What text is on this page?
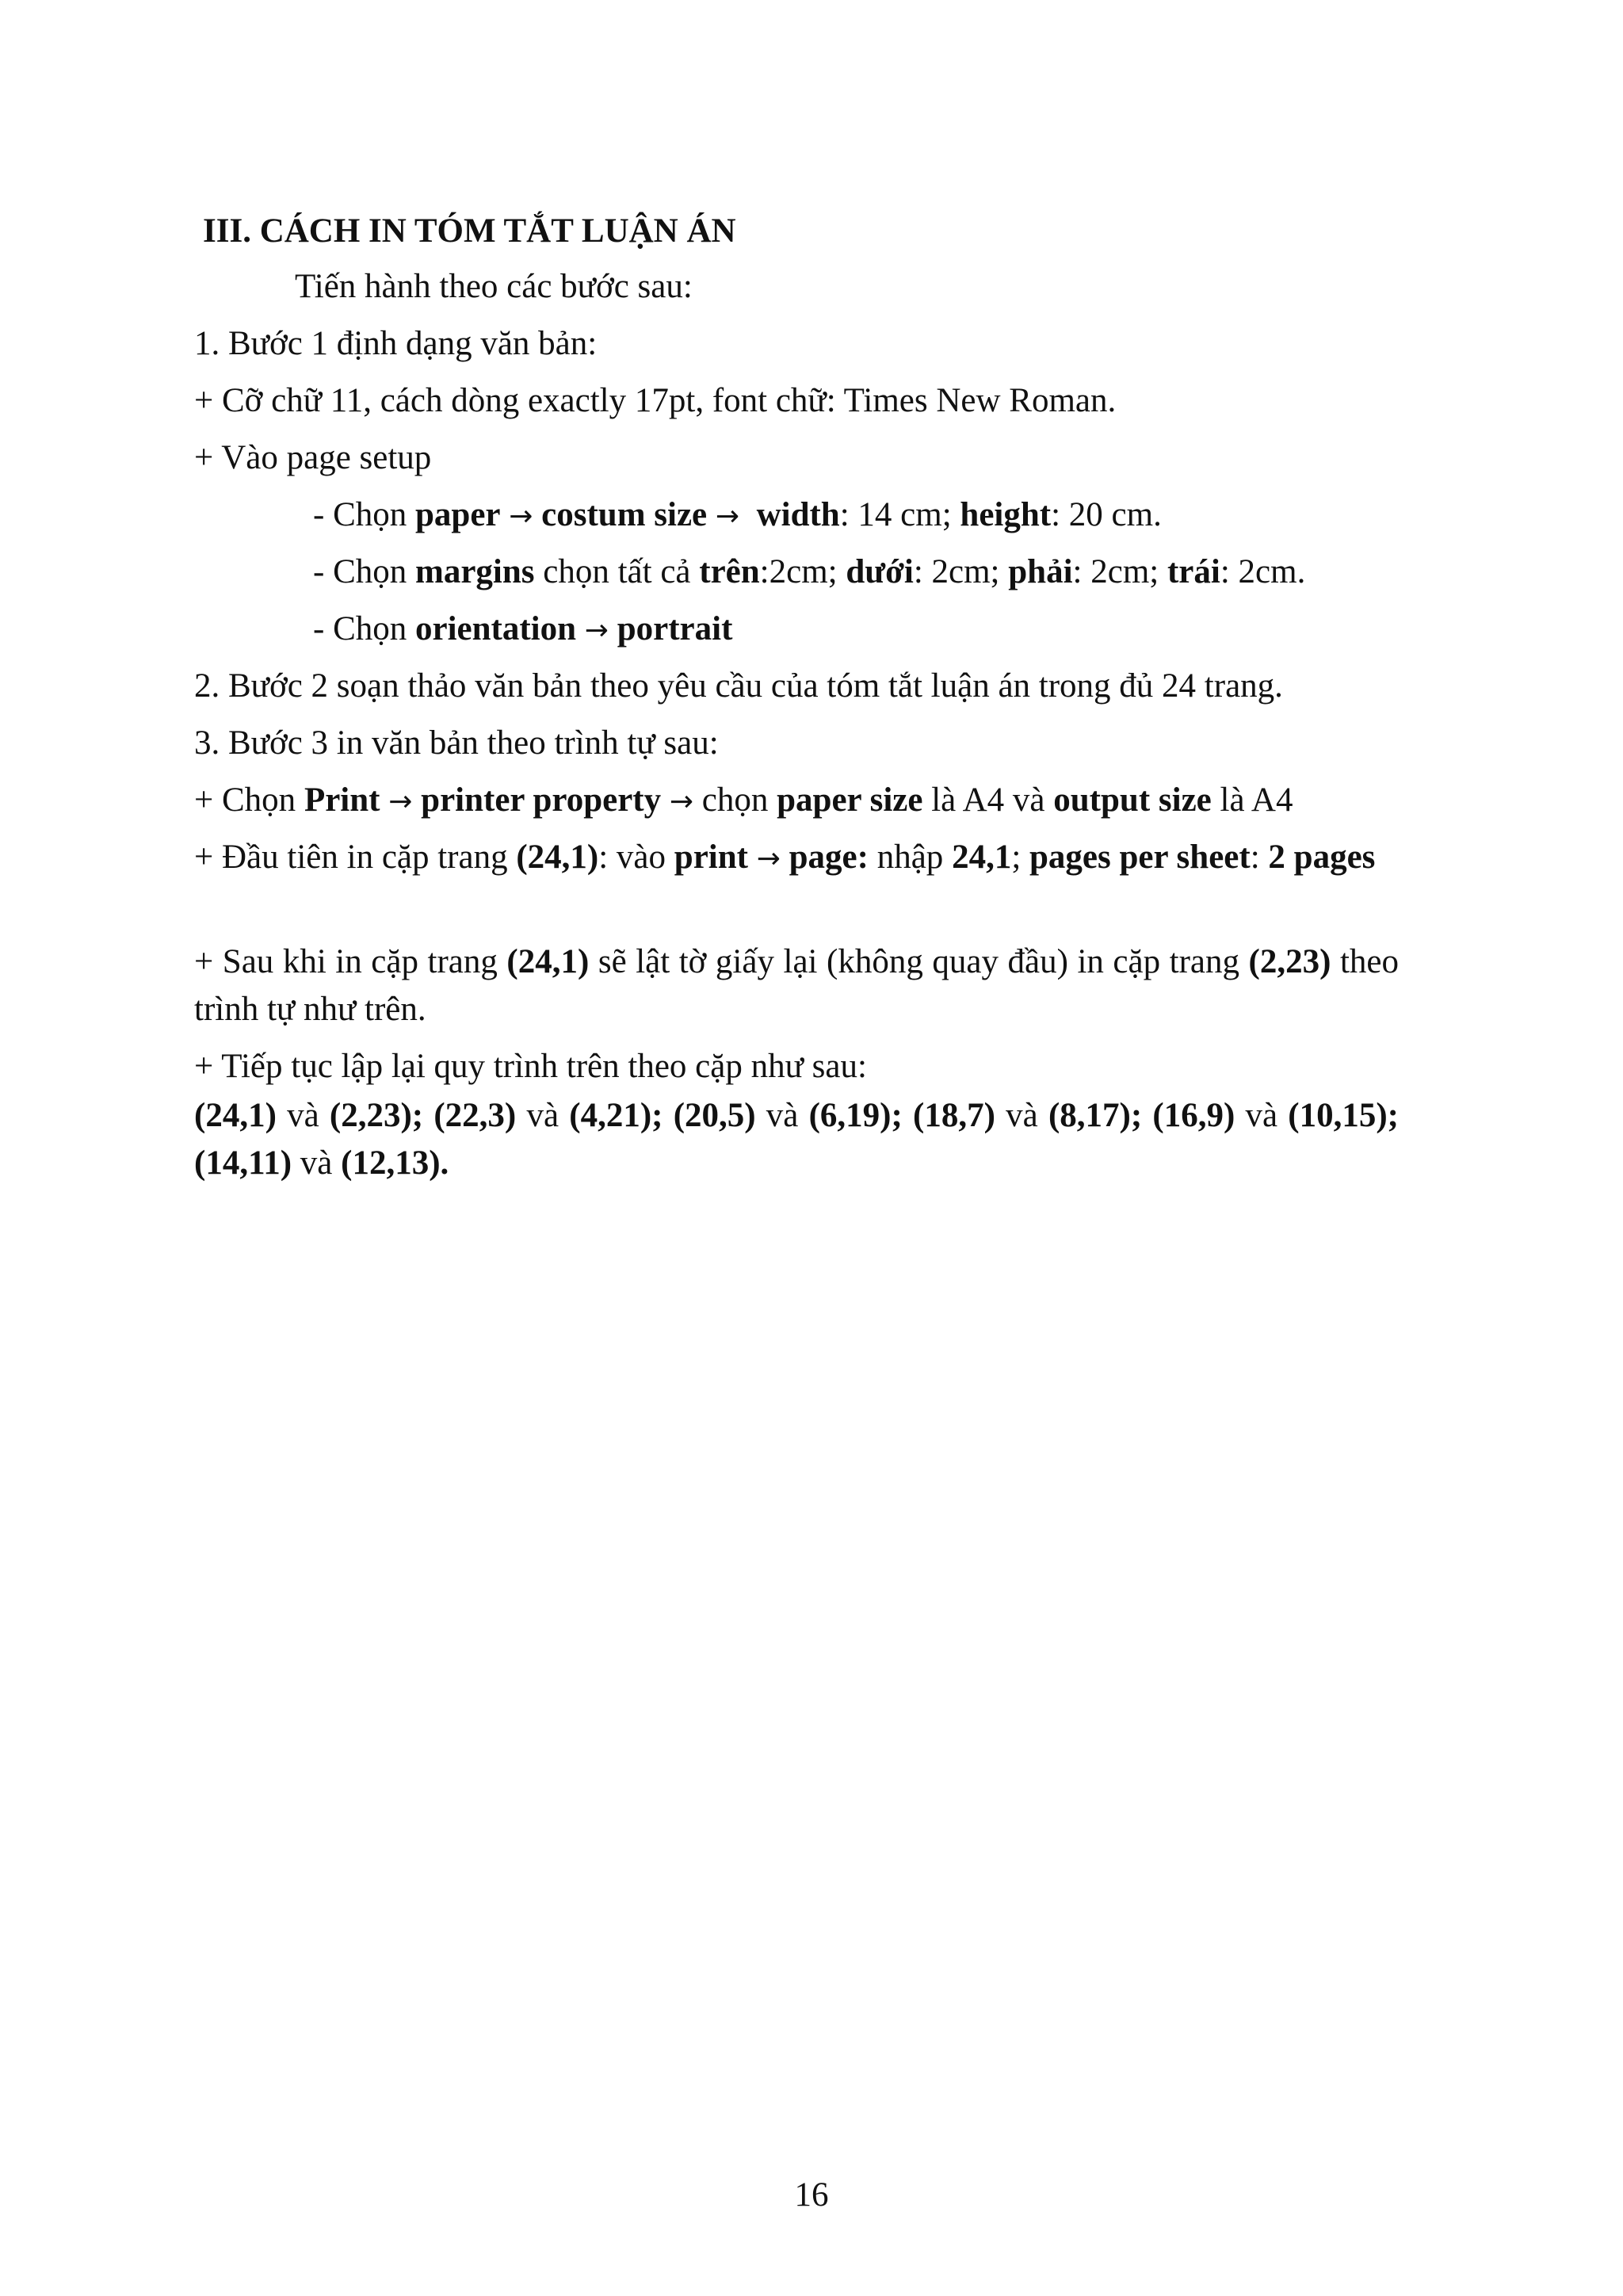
III. CÁCH IN TÓM TẮT LUẬN ÁN
Tiến hành theo các bước sau:
1. Bước 1 định dạng văn bản:
+ Cỡ chữ 11, cách dòng exactly 17pt, font chữ: Times New Roman.
+ Vào page setup
- Chọn paper → costum size → width: 14 cm; height: 20 cm.
- Chọn margins chọn tất cả trên:2cm; dưới: 2cm; phải: 2cm; trái: 2cm.
- Chọn orientation → portrait
2. Bước 2 soạn thảo văn bản theo yêu cầu của tóm tắt luận án trong đủ 24 trang.
3. Bước 3 in văn bản theo trình tự sau:
+ Chọn Print → printer property → chọn paper size là A4 và output size là A4
+ Đầu tiên in cặp trang (24,1): vào print → page: nhập 24,1; pages per sheet: 2 pages
+ Sau khi in cặp trang (24,1) sẽ lật tờ giấy lại (không quay đầu) in cặp trang (2,23) theo trình tự như trên.
+ Tiếp tục lập lại quy trình trên theo cặp như sau:
(24,1) và (2,23); (22,3) và (4,21); (20,5) và (6,19); (18,7) và (8,17); (16,9) và (10,15); (14,11) và (12,13).
16
